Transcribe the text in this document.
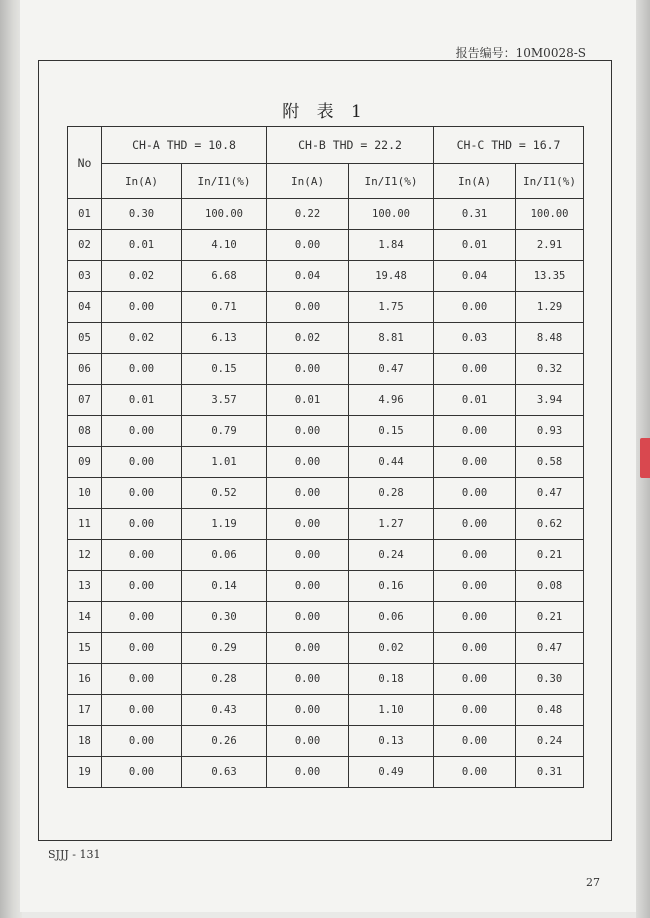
报告编号：10M0028-S
附 表 1
No	CH-A THD = 10.8		CH-B THD = 22.2		CH-C THD = 16.7	
	In(A)	In/I1(%)	In(A)	In/I1(%)	In(A)	In/I1(%)
01	0.30	100.00	0.22	100.00	0.31	100.00
02	0.01	4.10	0.00	1.84	0.01	2.91
03	0.02	6.68	0.04	19.48	0.04	13.35
04	0.00	0.71	0.00	1.75	0.00	1.29
05	0.02	6.13	0.02	8.81	0.03	8.48
06	0.00	0.15	0.00	0.47	0.00	0.32
07	0.01	3.57	0.01	4.96	0.01	3.94
08	0.00	0.79	0.00	0.15	0.00	0.93
09	0.00	1.01	0.00	0.44	0.00	0.58
10	0.00	0.52	0.00	0.28	0.00	0.47
11	0.00	1.19	0.00	1.27	0.00	0.62
12	0.00	0.06	0.00	0.24	0.00	0.21
13	0.00	0.14	0.00	0.16	0.00	0.08
14	0.00	0.30	0.00	0.06	0.00	0.21
15	0.00	0.29	0.00	0.02	0.00	0.47
16	0.00	0.28	0.00	0.18	0.00	0.30
17	0.00	0.43	0.00	1.10	0.00	0.48
18	0.00	0.26	0.00	0.13	0.00	0.24
19	0.00	0.63	0.00	0.49	0.00	0.31
SJJJ - 131
27
